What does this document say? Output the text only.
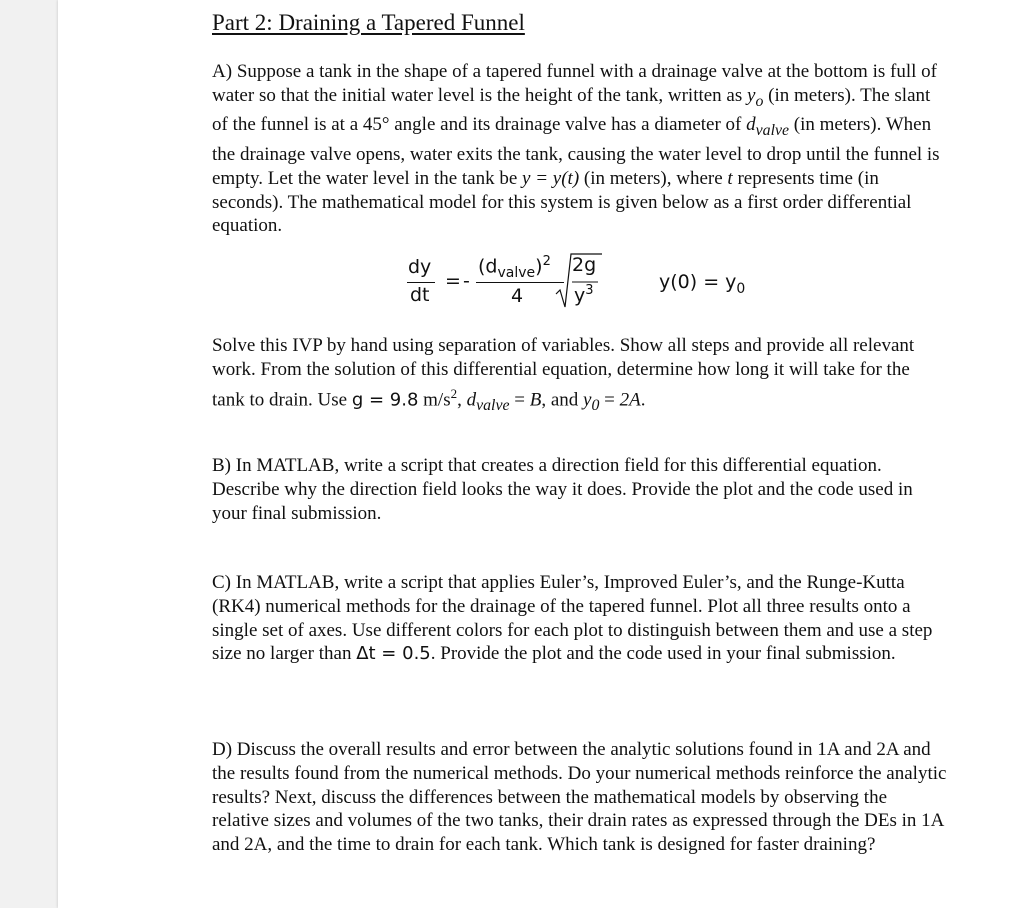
Part 2: Draining a Tapered Funnel
A) Suppose a tank in the shape of a tapered funnel with a drainage valve at the bottom is full of water so that the initial water level is the height of the tank, written as $y_o$ (in meters). The slant of the funnel is at a 45° angle and its drainage valve has a diameter of $d_{valve}$ (in meters). When the drainage valve opens, water exits the tank, causing the water level to drop until the funnel is empty. Let the water level in the tank be y = y(t) (in meters), where t represents time (in seconds). The mathematical model for this system is given below as a first order differential equation.
dy
dt
= -
$(d_{valve})^2$
4
2g
$y^3$	$y(0) = y_0$
Solve this IVP by hand using separation of variables. Show all steps and provide all relevant work. From the solution of this differential equation, determine how long it will take for the tank to drain. Use g = 9.8 $m/s^2$, $d_{valve} = B$, and $y_0 = 2A$.
B) In MATLAB, write a script that creates a direction field for this differential equation. Describe why the direction field looks the way it does. Provide the plot and the code used in your final submission.
C) In MATLAB, write a script that applies Euler’s, Improved Euler’s, and the Runge-Kutta (RK4) numerical methods for the drainage of the tapered funnel. Plot all three results onto a single set of axes. Use different colors for each plot to distinguish between them and use a step size no larger than Δt = 0.5. Provide the plot and the code used in your final submission.
D) Discuss the overall results and error between the analytic solutions found in 1A and 2A and the results found from the numerical methods. Do your numerical methods reinforce the analytic results? Next, discuss the differences between the mathematical models by observing the relative sizes and volumes of the two tanks, their drain rates as expressed through the DEs in 1A and 2A, and the time to drain for each tank. Which tank is designed for faster draining?
